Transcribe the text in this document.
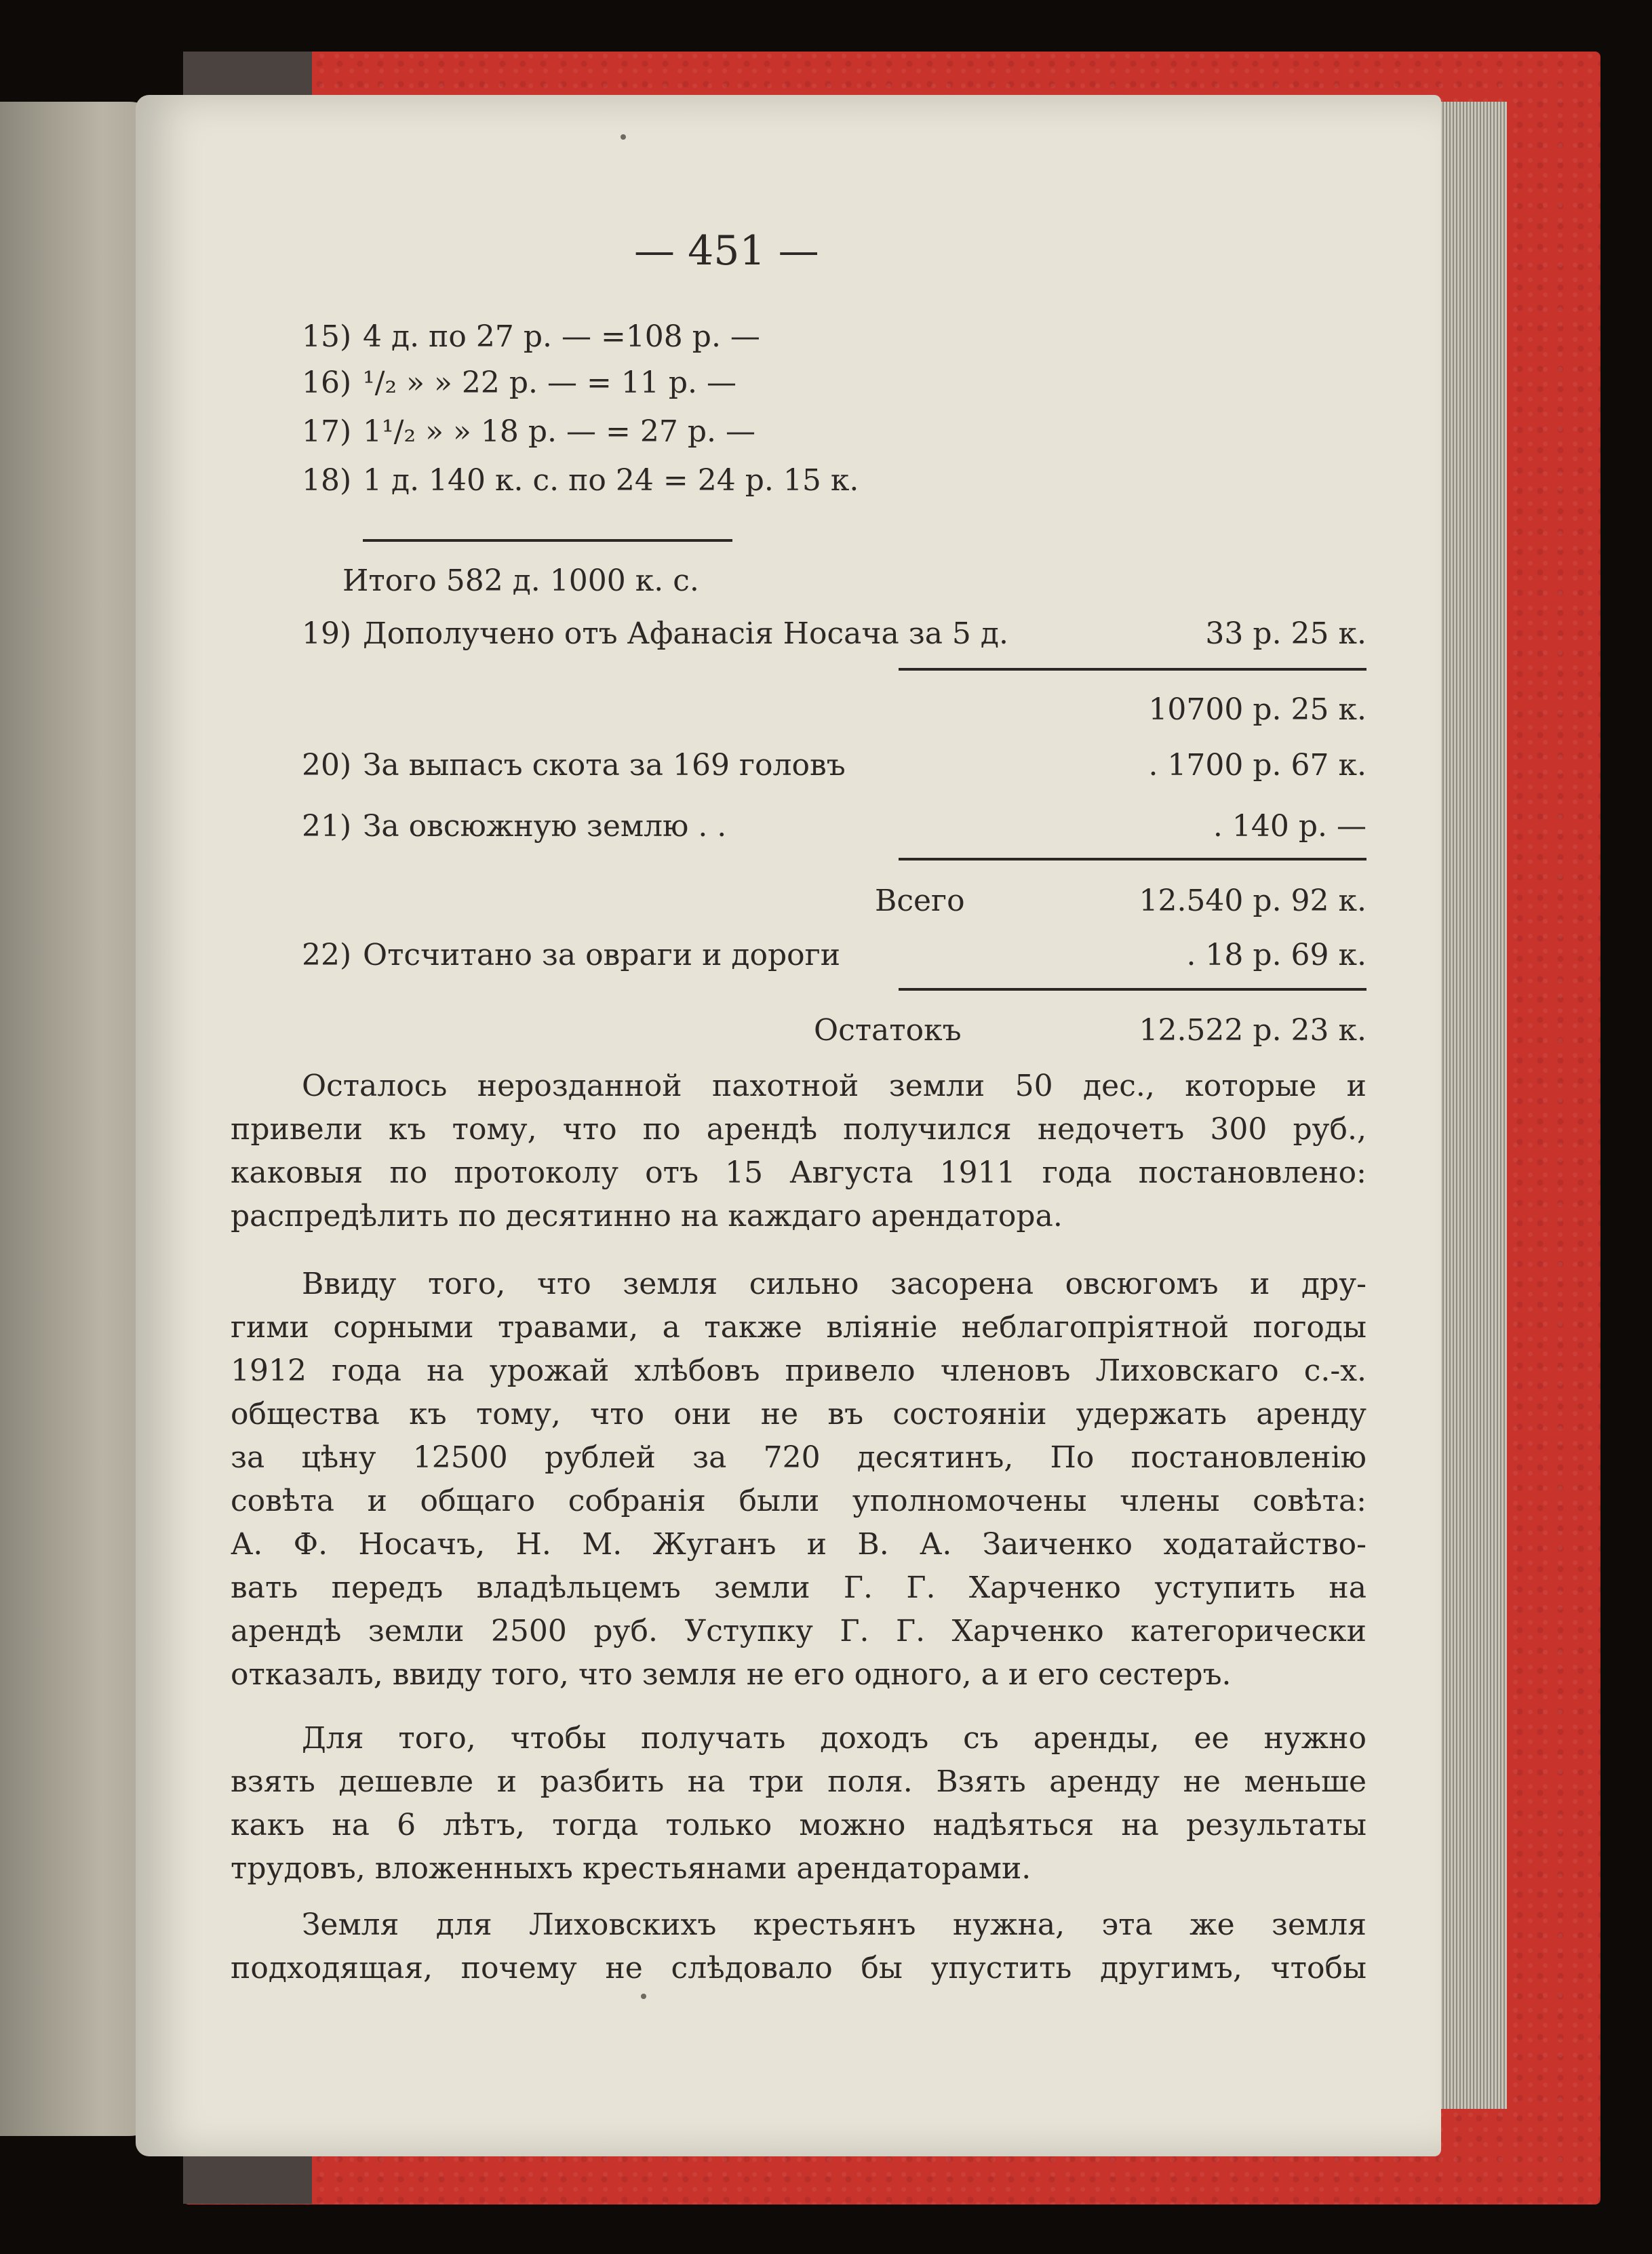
— 451 —
15) 4 д. по 27 р. — =108 р. —
16) ¹/₂ » » 22 р. — = 11 р. —
17) 1¹/₂ » » 18 р. — = 27 р. —
18) 1 д. 140 к. с. по 24 = 24 р. 15 к.
Итого 582 д. 1000 к. с.
19) Дополучено отъ Афанасія Носача за 5 д.	33 р. 25 к.
10700 р. 25 к.
20) За выпасъ скота за 169 головъ	. 1700 р. 67 к.
21) За овсюжную землю . .	. 140 р. —
Всего	12.540 р. 92 к.
22) Отсчитано за овраги и дороги	. 18 р. 69 к.
Остатокъ	12.522 р. 23 к.
Осталось нерозданной пахотной земли 50 дес., которые и
привели къ тому, что по арендѣ получился недочетъ 300 руб.,
каковыя по протоколу отъ 15 Августа 1911 года постановлено:
распредѣлить по десятинно на каждаго арендатора.
Ввиду того, что земля сильно засорена овсюгомъ и дру-
гими сорными травами, а также вліяніе неблагопріятной погоды
1912 года на урожай хлѣбовъ привело членовъ Лиховскаго с.-х.
общества къ тому, что они не въ состояніи удержать аренду
за цѣну 12500 рублей за 720 десятинъ, По постановленію
совѣта и общаго собранія были уполномочены члены совѣта:
А. Ф. Носачъ, Н. М. Жуганъ и В. А. Заиченко ходатайство-
вать передъ владѣльцемъ земли Г. Г. Харченко уступить на
арендѣ земли 2500 руб. Уступку Г. Г. Харченко категорически
отказалъ, ввиду того, что земля не его одного, а и его сестеръ.
Для того, чтобы получать доходъ съ аренды, ее нужно
взять дешевле и разбить на три поля. Взять аренду не меньше
какъ на 6 лѣтъ, тогда только можно надѣяться на результаты
трудовъ, вложенныхъ крестьянами арендаторами.
Земля для Лиховскихъ крестьянъ нужна, эта же земля
подходящая, почему не слѣдовало бы упустить другимъ, чтобы
